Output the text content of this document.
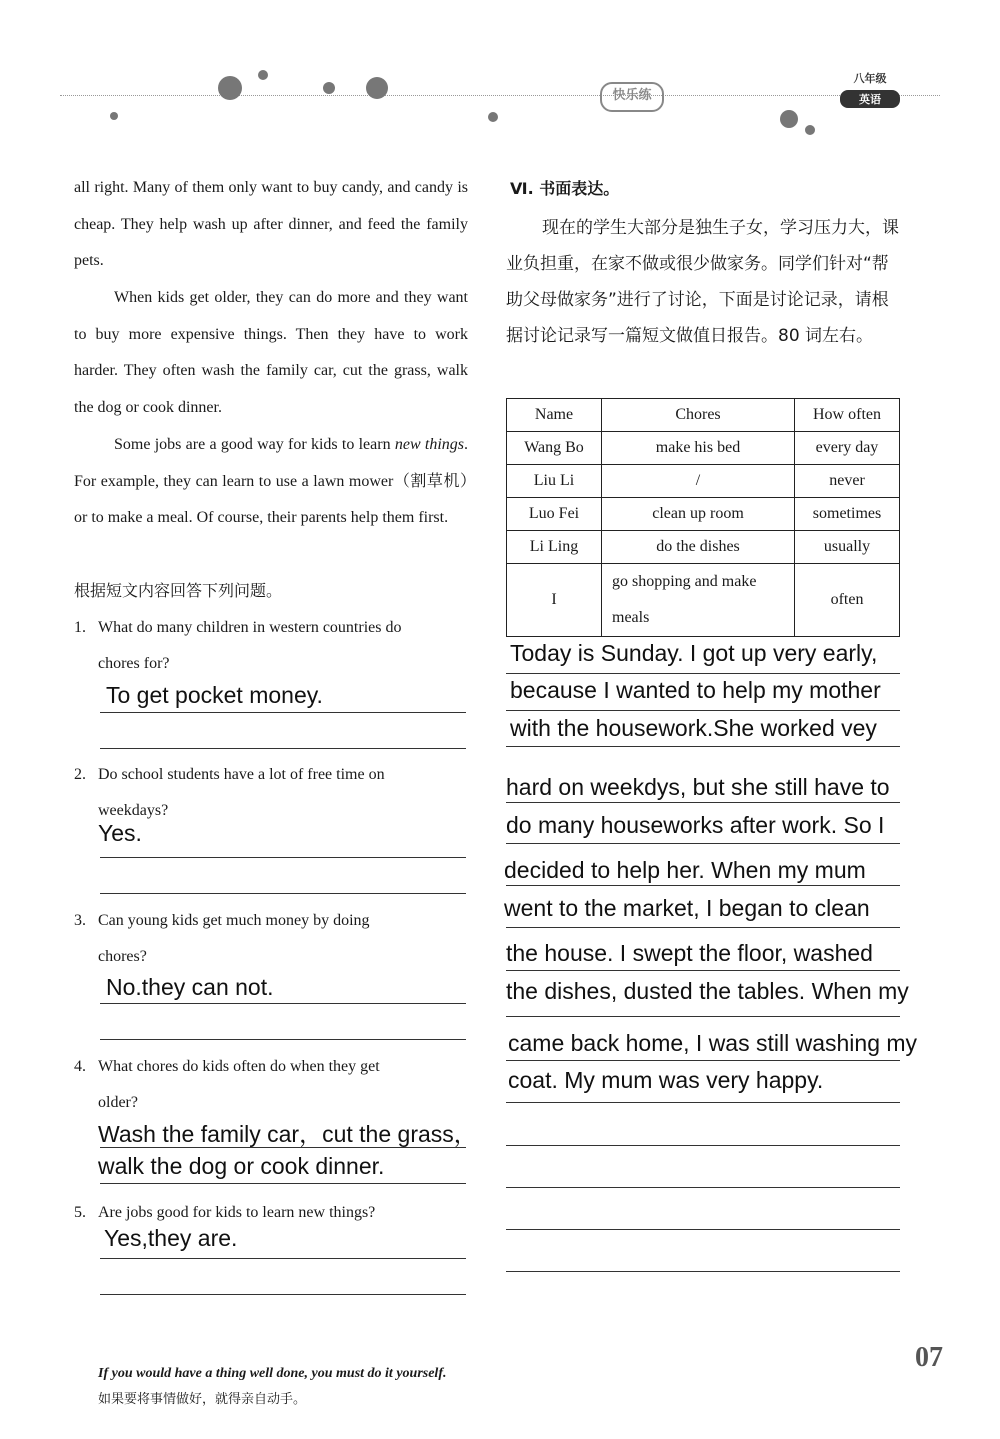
快乐练
八年级
英语
all right. Many of them only want to buy candy, and candy is cheap. They help wash up after dinner, and feed the family pets.
When kids get older, they can do more and they want to buy more expensive things. Then they have to work harder. They often wash the family car, cut the grass, walk the dog or cook dinner.
Some jobs are a good way for kids to learn new things. For example, they can learn to use a lawn mower（割草机）or to make a meal. Of course, their parents help them first.
根据短文内容回答下列问题。
1. What do many children in western countries do
chores for?
To get pocket money.
2. Do school students have a lot of free time on
weekdays?
Yes.
3. Can young kids get much money by doing
chores?
No.they can not.
4. What chores do kids often do when they get
older?
Wash the family car，cut the grass，
walk the dog or cook dinner.
5. Are jobs good for kids to learn new things?
Yes,they are.
Ⅵ. 书面表达。
现在的学生大部分是独生子女，学习压力大，课业负担重，在家不做或很少做家务。同学们针对“帮助父母做家务”进行了讨论，下面是讨论记录，请根据讨论记录写一篇短文做值日报告。80 词左右。
Name	Chores	How often
Wang Bo	make his bed	every day
Liu Li	/	never
Luo Fei	clean up room	sometimes
Li Ling	do the dishes	usually
I	go shopping and make meals	often
Today is Sunday. I got up very early,
because I wanted to help my mother
with the housework.She worked vey
hard on weekdys, but she still have to
do many houseworks after work. So I
decided to help her. When my mum
went to the market, I began to clean
the house. I swept the floor, washed
the dishes, dusted the tables. When my
came back home, I was still washing my
coat. My mum was very happy.
If you would have a thing well done, you must do it yourself.
如果要将事情做好，就得亲自动手。
07
